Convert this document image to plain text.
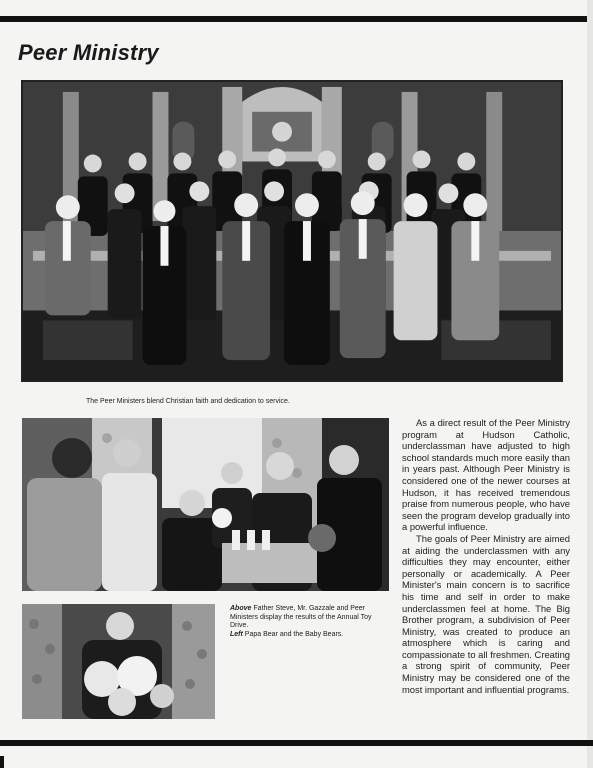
Peer Ministry
The Peer Ministers blend Christian faith and dedication to service.
Above Father Steve, Mr. Gazzale and Peer Ministers display the results of the Annual Toy Drive.
Left Papa Bear and the Baby Bears.

As a direct result of the Peer Ministry program at Hudson Catholic, underclassman have adjusted to high school standards much more easily than in years past. Although Peer Ministry is considered one of the newer courses at Hudson, it has received tremendous praise from numerous people, who have seen the program develop gradually into a powerful influence.

The goals of Peer Ministry are aimed at aiding the underclassmen with any difficulties they may encounter, either personally or academically. A Peer Minister's main concern is to sacrifice his time and self in order to make underclassmen feel at home. The Big Brother program, a subdivision of Peer Ministry, was created to produce an atmosphere which is caring and compassionate to all freshmen. Creating a strong spirit of community, Peer Ministry may be considered one of the most important and influential programs.
